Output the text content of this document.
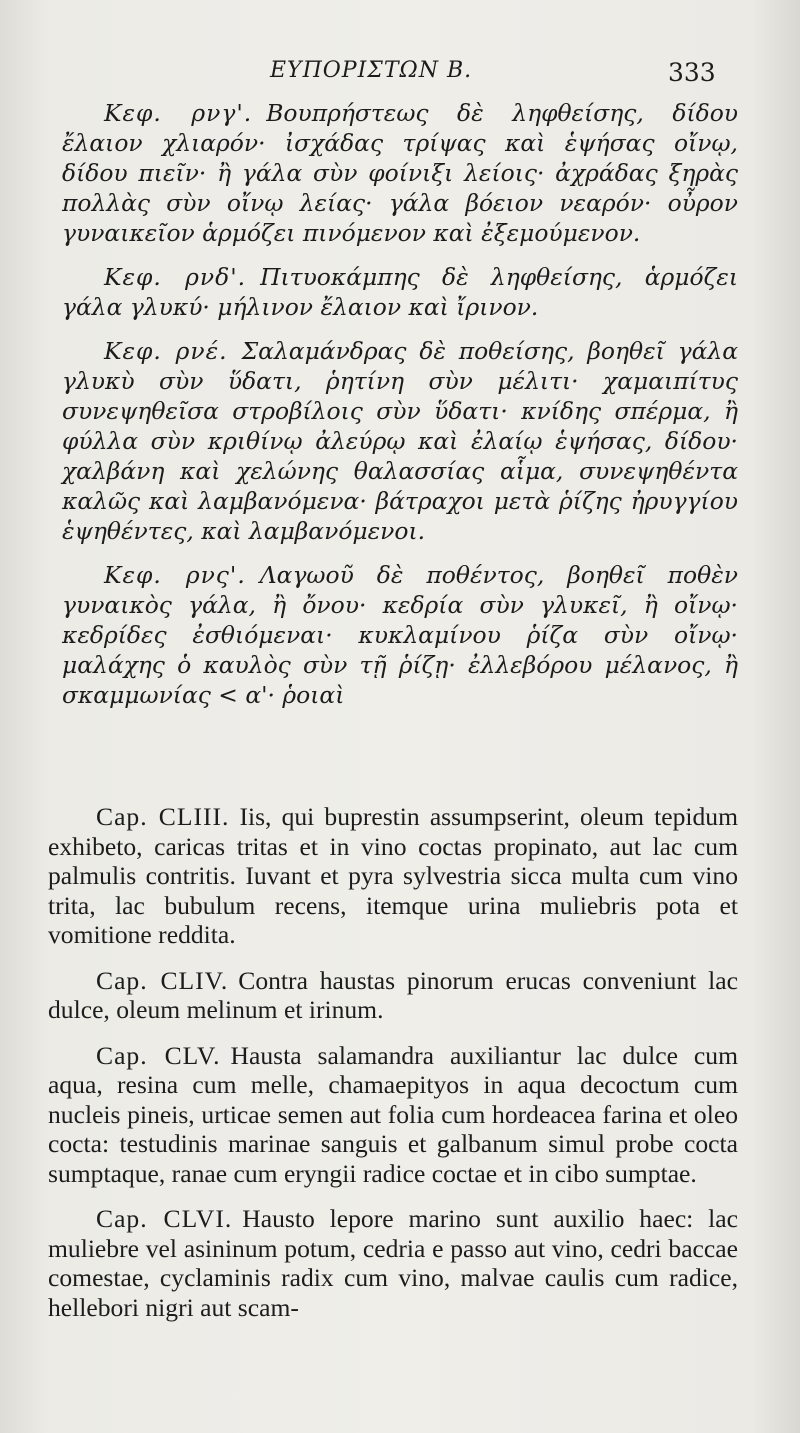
ΕΥΠΟΡΙΣΤΩΝ Β.	333

Κεφ. ρνγ'. Βουπρήστεως δὲ ληφθείσης, δίδου ἔλαιον χλιαρόν· ἰσχάδας τρίψας καὶ ἑψήσας οἴνῳ, δίδου πιεῖν· ἢ γάλα σὺν φοίνιξι λείοις· ἀχράδας ξηρὰς πολλὰς σὺν οἴνῳ λείας· γάλα βόειον νεαρόν· οὖρον γυναικεῖον ἁρμόζει πινόμενον καὶ ἐξεμούμενον.

Κεφ. ρνδ'. Πιτυοκάμπης δὲ ληφθείσης, ἁρμόζει γάλα γλυκύ· μήλινον ἔλαιον καὶ ἴρινον.

Κεφ. ρνέ. Σαλαμάνδρας δὲ ποθείσης, βοηθεῖ γάλα γλυκὺ σὺν ὕδατι, ῥητίνη σὺν μέλιτι· χαμαιπίτυς συνεψηθεῖσα στροβίλοις σὺν ὕδατι· κνίδης σπέρμα, ἢ φύλλα σὺν κριθίνῳ ἀλεύρῳ καὶ ἐλαίῳ ἑψήσας, δίδου· χαλβάνη καὶ χελώνης θαλασσίας αἷμα, συνεψηθέντα καλῶς καὶ λαμβανόμενα· βάτραχοι μετὰ ῥίζης ἠρυγγίου ἑψηθέντες, καὶ λαμβανόμενοι.

Κεφ. ρνς'. Λαγωοῦ δὲ ποθέντος, βοηθεῖ ποθὲν γυναικὸς γάλα, ἢ ὄνου· κεδρία σὺν γλυκεῖ, ἢ οἴνῳ· κεδρίδες ἐσθιόμεναι· κυκλαμίνου ῥίζα σὺν οἴνῳ· μαλάχης ὁ καυλὸς σὺν τῇ ῥίζῃ· ἐλλεβόρου μέλανος, ἢ σκαμμωνίας < α'· ῥοιαὶ

Cap. CLIII. Iis, qui buprestin assumpserint, oleum tepidum exhibeto, caricas tritas et in vino coctas propinato, aut lac cum palmulis contritis. Iuvant et pyra sylvestria sicca multa cum vino trita, lac bubulum recens, itemque urina muliebris pota et vomitione reddita.

Cap. CLIV. Contra haustas pinorum erucas conveniunt lac dulce, oleum melinum et irinum.

Cap. CLV. Hausta salamandra auxiliantur lac dulce cum aqua, resina cum melle, chamaepityos in aqua decoctum cum nucleis pineis, urticae semen aut folia cum hordeacea farina et oleo cocta: testudinis marinae sanguis et galbanum simul probe cocta sumptaque, ranae cum eryngii radice coctae et in cibo sumptae.

Cap. CLVI. Hausto lepore marino sunt auxilio haec: lac muliebre vel asininum potum, cedria e passo aut vino, cedri baccae comestae, cyclaminis radix cum vino, malvae caulis cum radice, hellebori nigri aut scam-
